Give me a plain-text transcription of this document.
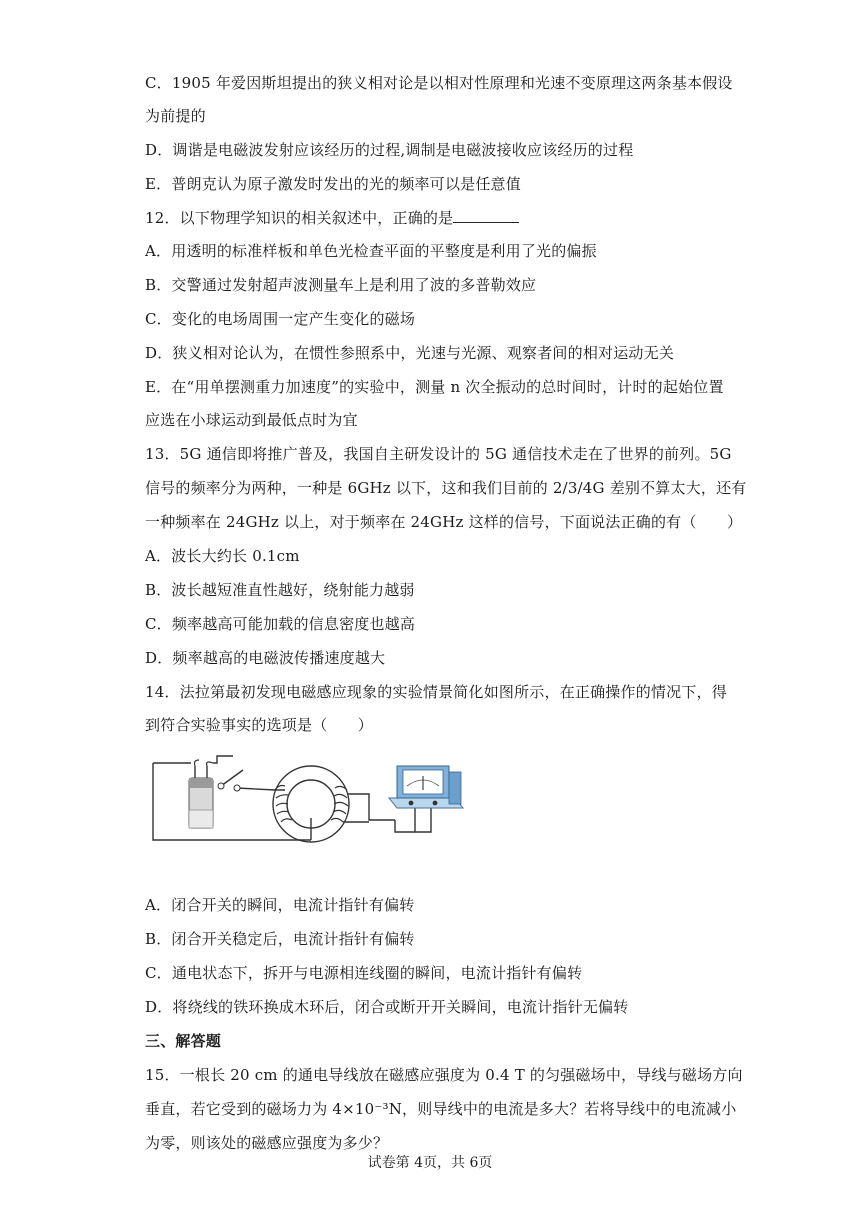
C．1905 年爱因斯坦提出的狭义相对论是以相对性原理和光速不变原理这两条基本假设
为前提的
D．调谐是电磁波发射应该经历的过程,调制是电磁波接收应该经历的过程
E．普朗克认为原子激发时发出的光的频率可以是任意值
12．以下物理学知识的相关叙述中，正确的是
A．用透明的标准样板和单色光检查平面的平整度是利用了光的偏振
B．交警通过发射超声波测量车上是利用了波的多普勒效应
C．变化的电场周围一定产生变化的磁场
D．狭义相对论认为，在惯性参照系中，光速与光源、观察者间的相对运动无关
E．在“用单摆测重力加速度”的实验中，测量 n 次全振动的总时间时，计时的起始位置
应选在小球运动到最低点时为宜
13．5G 通信即将推广普及，我国自主研发设计的 5G 通信技术走在了世界的前列。5G
信号的频率分为两种，一种是 6GHz 以下，这和我们目前的 2/3/4G 差别不算太大，还有
一种频率在 24GHz 以上，对于频率在 24GHz 这样的信号，下面说法正确的有（　　）
A．波长大约长 0.1cm
B．波长越短准直性越好，绕射能力越弱
C．频率越高可能加载的信息密度也越高
D．频率越高的电磁波传播速度越大
14．法拉第最初发现电磁感应现象的实验情景简化如图所示，在正确操作的情况下，得
到符合实验事实的选项是（　　）
A．闭合开关的瞬间，电流计指针有偏转
B．闭合开关稳定后，电流计指针有偏转
C．通电状态下，拆开与电源相连线圈的瞬间，电流计指针有偏转
D．将绕线的铁环换成木环后，闭合或断开开关瞬间，电流计指针无偏转
三、解答题
15．一根长 20 cm 的通电导线放在磁感应强度为 0.4 T 的匀强磁场中，导线与磁场方向
垂直，若它受到的磁场力为 4×10⁻³N，则导线中的电流是多大？若将导线中的电流减小
为零，则该处的磁感应强度为多少？
试卷第 4页，共 6页
